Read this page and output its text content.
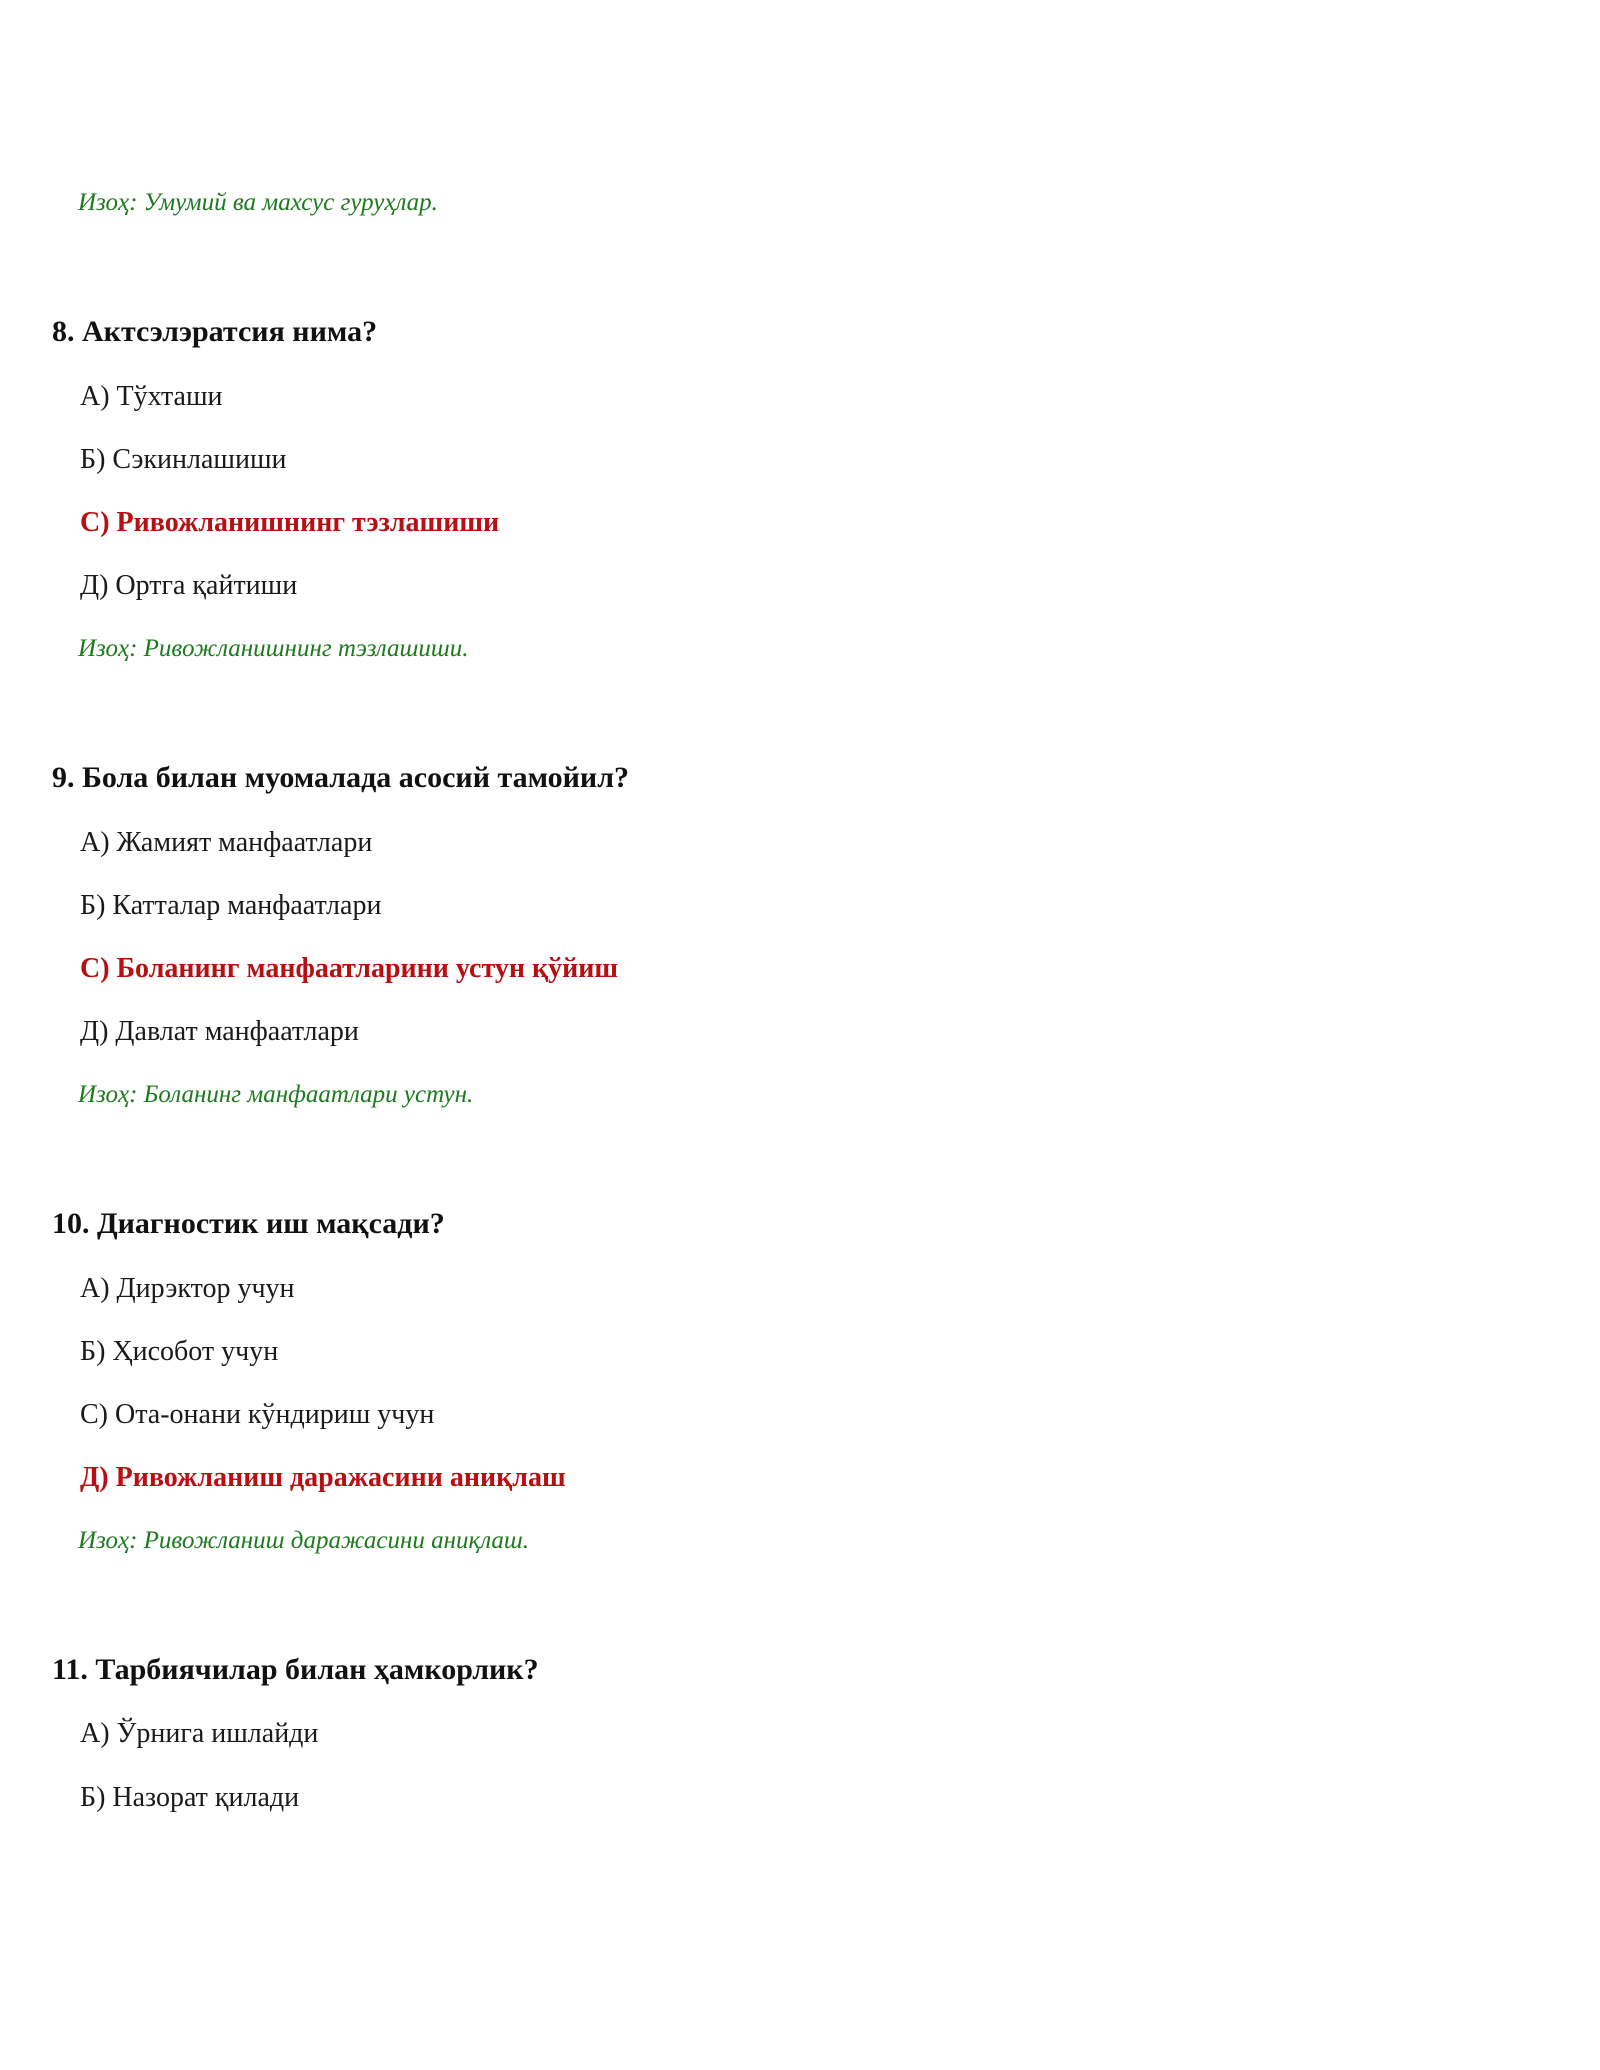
Изоҳ: Умумий ва махсус гуруҳлар.

8. Актсэлэратсия нима?

А) Тўхташи

Б) Сэкинлашиши

С) Ривожланишнинг тэзлашиши

Д) Ортга қайтиши

Изоҳ: Ривожланишнинг тэзлашиши.

9. Бола билан муомалада асосий тамойил?

А) Жамият манфаатлари

Б) Катталар манфаатлари

С) Боланинг манфаатларини устун қўйиш

Д) Давлат манфаатлари

Изоҳ: Боланинг манфаатлари устун.

10. Диагностик иш мақсади?

А) Дирэктор учун

Б) Ҳисобот учун

С) Ота-онани кўндириш учун

Д) Ривожланиш даражасини аниқлаш

Изоҳ: Ривожланиш даражасини аниқлаш.

11. Тарбиячилар билан ҳамкорлик?

А) Ўрнига ишлайди

Б) Назорат қилади
